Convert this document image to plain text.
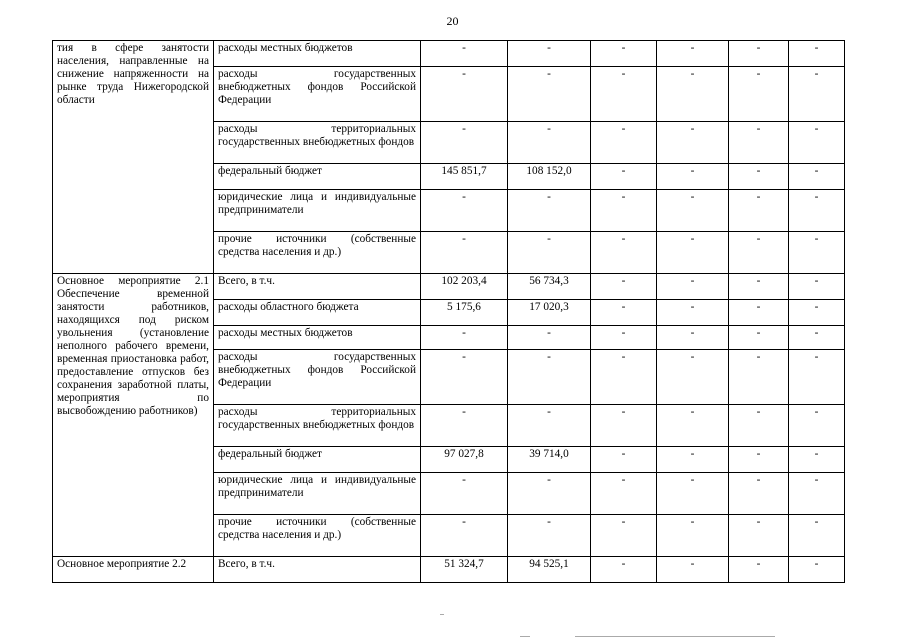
20
тия в сфере занятости населения, направленные на снижение напряженности на рынке труда Нижегородской области	расходы местных бюджетов	-	-	-	-	-	-
	расходы государственных внебюджетных фондов Российской Федерации	-	-	-	-	-	-
	расходы территориальных государственных внебюджетных фондов	-	-	-	-	-	-
	федеральный бюджет	145 851,7	108 152,0	-	-	-	-
	юридические лица и индивидуальные предприниматели	-	-	-	-	-	-
	прочие источники (собственные средства населения и др.)	-	-	-	-	-	-
Основное мероприятие 2.1 Обеспечение временной занятости работников, находящихся под риском увольнения (установление неполного рабочего времени, временная приостановка работ, предоставление отпусков без сохранения заработной платы, мероприятия по высвобождению работников)	Всего, в т.ч.	102 203,4	56 734,3	-	-	-	-
	расходы областного бюджета	5 175,6	17 020,3	-	-	-	-
	расходы местных бюджетов	-	-	-	-	-	-
	расходы государственных внебюджетных фондов Российской Федерации	-	-	-	-	-	-
	расходы территориальных государственных внебюджетных фондов	-	-	-	-	-	-
	федеральный бюджет	97 027,8	39 714,0	-	-	-	-
	юридические лица и индивидуальные предприниматели	-	-	-	-	-	-
	прочие источники (собственные средства населения и др.)	-	-	-	-	-	-
Основное мероприятие 2.2	Всего, в т.ч.	51 324,7	94 525,1	-	-	-	-
